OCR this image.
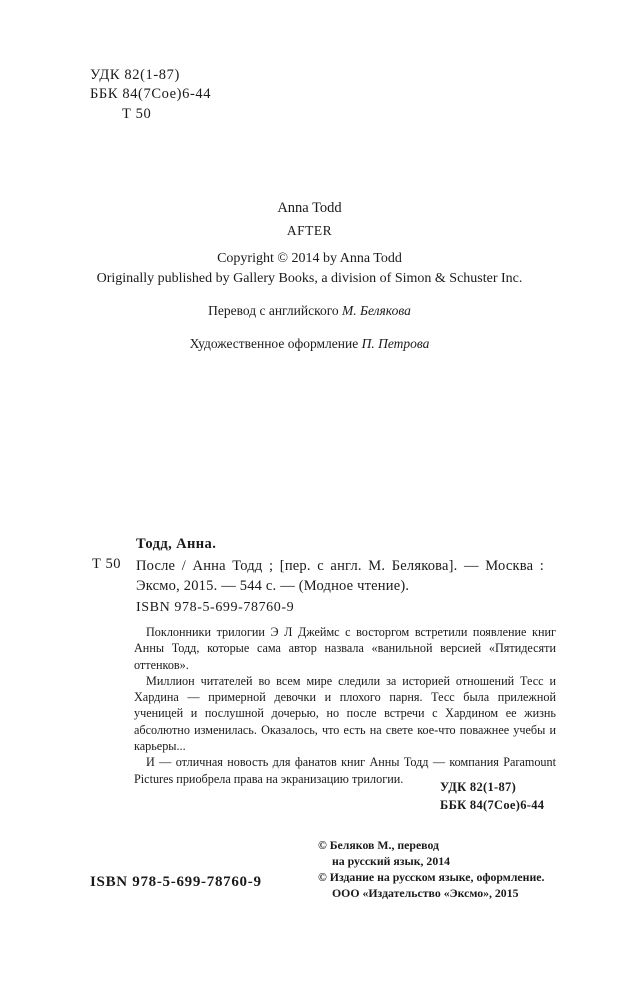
УДК 82(1-87)
ББК 84(7Сое)6-44
Т 50
Anna Todd
AFTER
Copyright © 2014 by Anna Todd
Originally published by Gallery Books, a division of Simon & Schuster Inc.
Перевод с английского М. Белякова
Художественное оформление П. Петрова
Тодд, Анна.
Т 50 После / Анна Тодд ; [пер. с англ. М. Белякова]. — Москва : Эксмо, 2015. — 544 с. — (Модное чтение).
ISBN 978-5-699-78760-9

Поклонники трилогии Э Л Джеймс с восторгом встретили появление книг Анны Тодд, которые сама автор назвала «ванильной версией «Пятидесяти оттенков».

Миллион читателей во всем мире следили за историей отношений Тесс и Хардина — примерной девочки и плохого парня. Тесс была прилежной ученицей и послушной дочерью, но после встречи с Хардином ее жизнь абсолютно изменилась. Оказалось, что есть на свете кое-что поважнее учебы и карьеры...

И — отличная новость для фанатов книг Анны Тодд — компания Paramount Pictures приобрела права на экранизацию трилогии.

УДК 82(1-87)
ББК 84(7Сое)6-44
© Беляков М., перевод
на русский язык, 2014
© Издание на русском языке, оформление.
ООО «Издательство «Эксмо», 2015
ISBN 978-5-699-78760-9
